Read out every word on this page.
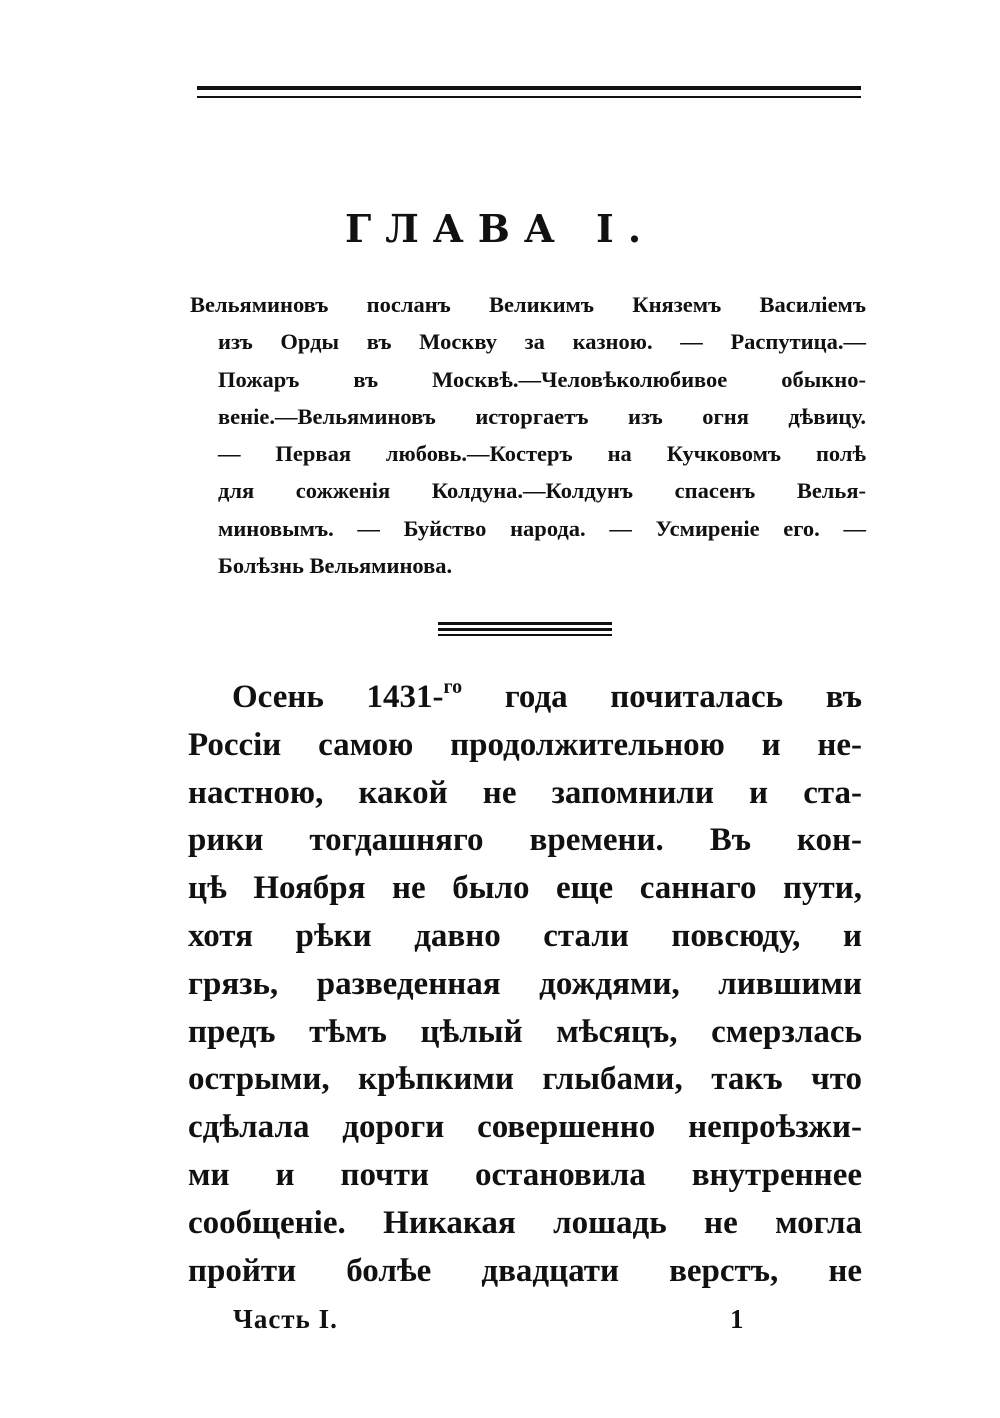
ГЛАВА I.
Вельяминовъ посланъ Великимъ Княземъ Василіемъ
изъ Орды въ Москву за казною. — Распутица.—
Пожаръ въ Москвѣ.—Человѣколюбивое обыкно-
веніе.—Вельяминовъ исторгаетъ изъ огня дѣвицу.
— Первая любовь.—Костеръ на Кучковомъ полѣ
для сожженія Колдуна.—Колдунъ спасенъ Велья-
миновымъ. — Буйство народа. — Усмиреніе его. —
Болѣзнь Вельяминова.
Осень 1431-$^{го}$ года почиталась въ
Россіи самою продолжительною и не-
настною, какой не запомнили и ста-
рики тогдашняго времени. Въ кон-
цѣ Ноября не было еще саннаго пути,
хотя рѣки давно стали повсюду, и
грязь, разведенная дождями, лившими
предъ тѣмъ цѣлый мѣсяцъ, смерзлась
острыми, крѣпкими глыбами, такъ что
сдѣлала дороги совершенно непроѣзжи-
ми и почти остановила внутреннее
сообщеніе. Никакая лошадь не могла
пройти болѣе двадцати верстъ, не
Часть I.	1
